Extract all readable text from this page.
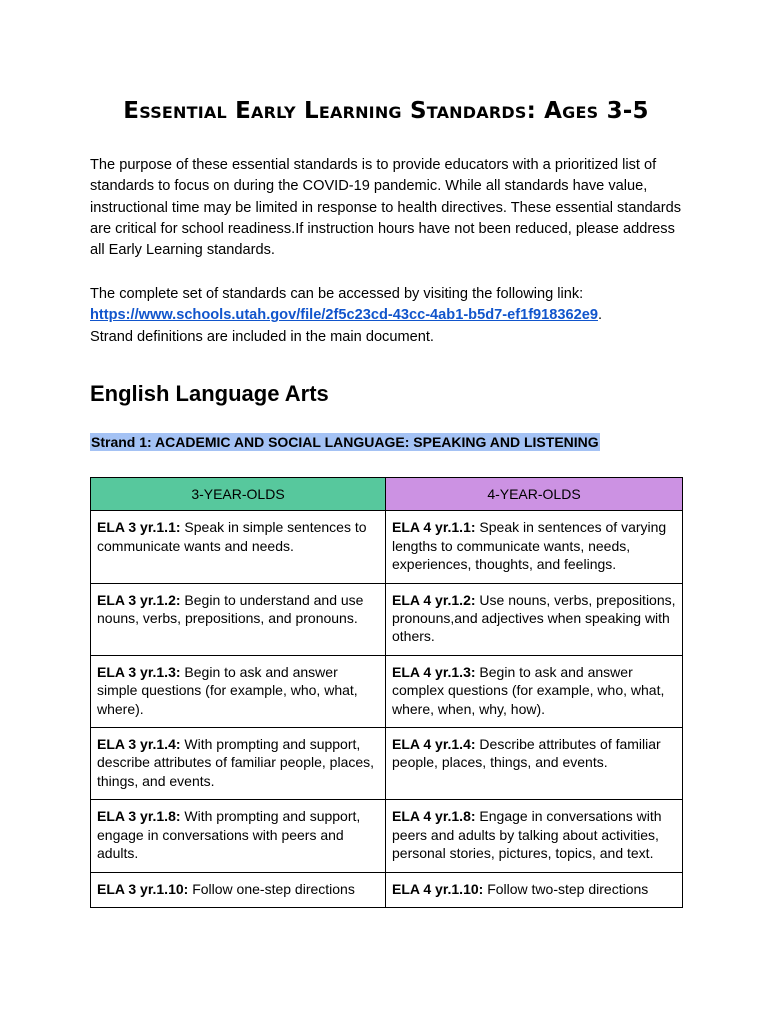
Essential Early Learning Standards: Ages 3-5

The purpose of these essential standards is to provide educators with a prioritized list of standards to focus on during the COVID-19 pandemic. While all standards have value, instructional time may be limited in response to health directives. These essential standards are critical for school readiness.If instruction hours have not been reduced, please address all Early Learning standards.

The complete set of standards can be accessed by visiting the following link:
https://www.schools.utah.gov/file/2f5c23cd-43cc-4ab1-b5d7-ef1f918362e9.
Strand definitions are included in the main document.

English Language Arts
Strand 1: ACADEMIC AND SOCIAL LANGUAGE: SPEAKING AND LISTENING
3-YEAR-OLDS	4-YEAR-OLDS
ELA 3 yr.1.1: Speak in simple sentences to communicate wants and needs.	ELA 4 yr.1.1: Speak in sentences of varying lengths to communicate wants, needs, experiences, thoughts, and feelings.
ELA 3 yr.1.2: Begin to understand and use nouns, verbs, prepositions, and pronouns.	ELA 4 yr.1.2: Use nouns, verbs, prepositions, pronouns,and adjectives when speaking with others.
ELA 3 yr.1.3: Begin to ask and answer simple questions (for example, who, what, where).	ELA 4 yr.1.3: Begin to ask and answer complex questions (for example, who, what, where, when, why, how).
ELA 3 yr.1.4: With prompting and support, describe attributes of familiar people, places, things, and events.	ELA 4 yr.1.4: Describe attributes of familiar people, places, things, and events.
ELA 3 yr.1.8: With prompting and support, engage in conversations with peers and adults.	ELA 4 yr.1.8: Engage in conversations with peers and adults by talking about activities, personal stories, pictures, topics, and text.
ELA 3 yr.1.10: Follow one-step directions	ELA 4 yr.1.10: Follow two-step directions
